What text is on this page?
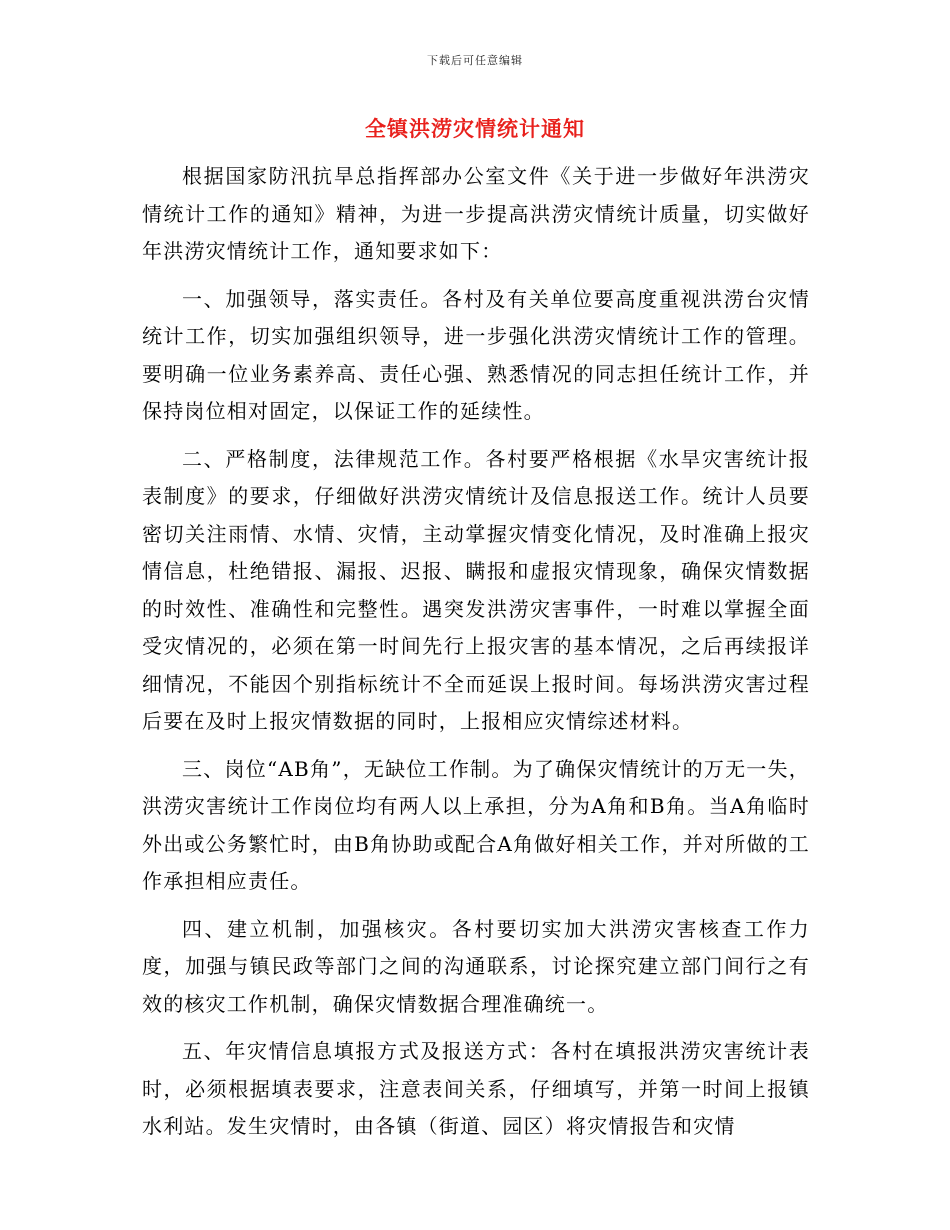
下载后可任意编辑
全镇洪涝灾情统计通知

根据国家防汛抗旱总指挥部办公室文件《关于进一步做好年洪涝灾情统计工作的通知》精神，为进一步提高洪涝灾情统计质量，切实做好年洪涝灾情统计工作，通知要求如下：

一、加强领导，落实责任。各村及有关单位要高度重视洪涝台灾情统计工作，切实加强组织领导，进一步强化洪涝灾情统计工作的管理。要明确一位业务素养高、责任心强、熟悉情况的同志担任统计工作，并保持岗位相对固定，以保证工作的延续性。

二、严格制度，法律规范工作。各村要严格根据《水旱灾害统计报表制度》的要求，仔细做好洪涝灾情统计及信息报送工作。统计人员要密切关注雨情、水情、灾情，主动掌握灾情变化情况，及时准确上报灾情信息，杜绝错报、漏报、迟报、瞒报和虚报灾情现象，确保灾情数据的时效性、准确性和完整性。遇突发洪涝灾害事件，一时难以掌握全面受灾情况的，必须在第一时间先行上报灾害的基本情况，之后再续报详细情况，不能因个别指标统计不全而延误上报时间。每场洪涝灾害过程后要在及时上报灾情数据的同时，上报相应灾情综述材料。

三、岗位“AB角”，无缺位工作制。为了确保灾情统计的万无一失，洪涝灾害统计工作岗位均有两人以上承担，分为A角和B角。当A角临时外出或公务繁忙时，由B角协助或配合A角做好相关工作，并对所做的工作承担相应责任。

四、建立机制，加强核灾。各村要切实加大洪涝灾害核查工作力度，加强与镇民政等部门之间的沟通联系，讨论探究建立部门间行之有效的核灾工作机制，确保灾情数据合理准确统一。

五、年灾情信息填报方式及报送方式：各村在填报洪涝灾害统计表时，必须根据填表要求，注意表间关系，仔细填写，并第一时间上报镇水利站。发生灾情时，由各镇（街道、园区）将灾情报告和灾情
